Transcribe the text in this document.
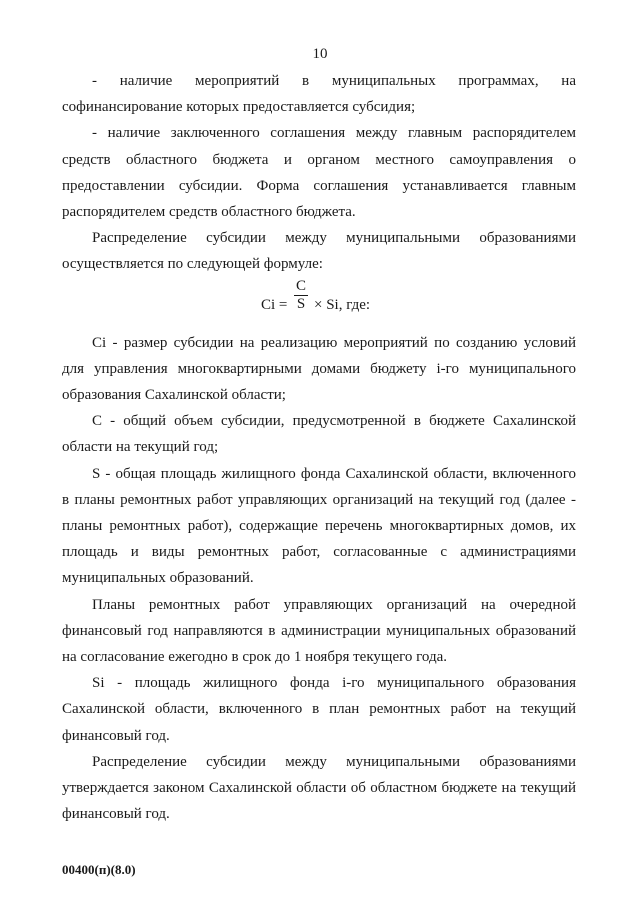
10

- наличие мероприятий в муниципальных программах, на софинансирование которых предоставляется субсидия;

- наличие заключенного соглашения между главным распорядителем средств областного бюджета и органом местного самоуправления о предоставлении субсидии. Форма соглашения устанавливается главным распорядителем средств областного бюджета.

Распределение субсидии между муниципальными образованиями осуществляется по следующей формуле:

$Ci = \frac{C}{S} \times Si$, где:

Ci - размер субсидии на реализацию мероприятий по созданию условий для управления многоквартирными домами бюджету i-го муниципального образования Сахалинской области;

C - общий объем субсидии, предусмотренной в бюджете Сахалинской области на текущий год;

S - общая площадь жилищного фонда Сахалинской области, включенного в планы ремонтных работ управляющих организаций на текущий год (далее - планы ремонтных работ), содержащие перечень многоквартирных домов, их площадь и виды ремонтных работ, согласованные с администрациями муниципальных образований.

Планы ремонтных работ управляющих организаций на очередной финансовый год направляются в администрации муниципальных образований на согласование ежегодно в срок до 1 ноября текущего года.

Si - площадь жилищного фонда i-го муниципального образования Сахалинской области, включенного в план ремонтных работ на текущий финансовый год.

Распределение субсидии между муниципальными образованиями утверждается законом Сахалинской области об областном бюджете на текущий финансовый год.

00400(п)(8.0)
